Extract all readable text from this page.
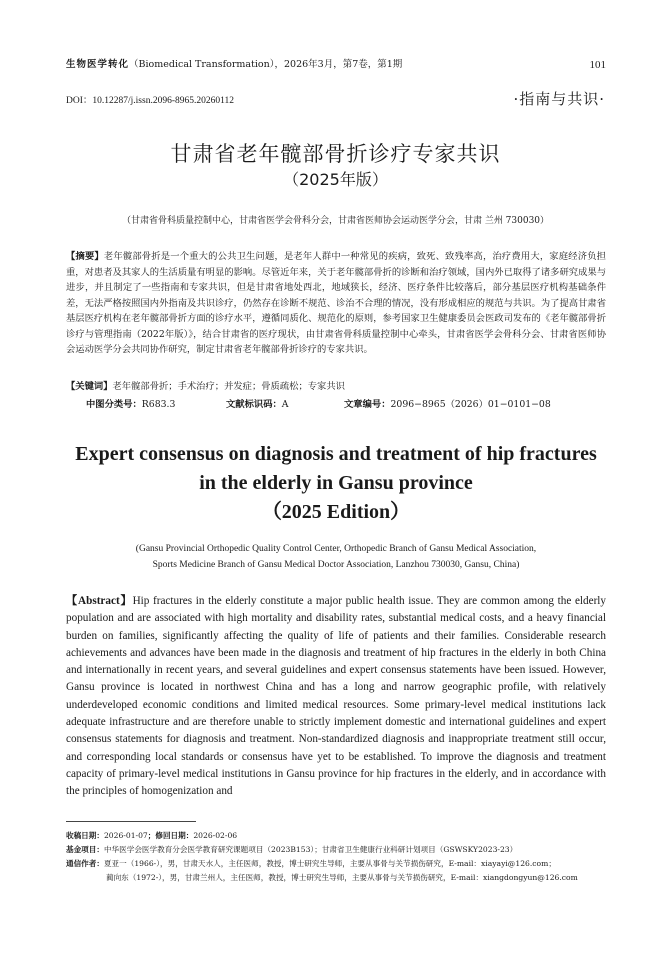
生物医学转化（Biomedical Transformation），2026年3月，第7卷，第1期	101
DOI：10.12287/j.issn.2096-8965.20260112	·指南与共识·
甘肃省老年髋部骨折诊疗专家共识
（2025年版）
（甘肃省骨科质量控制中心，甘肃省医学会骨科分会，甘肃省医师协会运动医学分会，甘肃 兰州 730030）
【摘要】老年髋部骨折是一个重大的公共卫生问题，是老年人群中一种常见的疾病，致死、致残率高，治疗费用大，家庭经济负担重，对患者及其家人的生活质量有明显的影响。尽管近年来，关于老年髋部骨折的诊断和治疗领域，国内外已取得了诸多研究成果与进步，并且制定了一些指南和专家共识，但是甘肃省地处西北，地域狭长，经济、医疗条件比较落后，部分基层医疗机构基础条件差，无法严格按照国内外指南及共识诊疗，仍然存在诊断不规范、诊治不合理的情况，没有形成相应的规范与共识。为了提高甘肃省基层医疗机构在老年髋部骨折方面的诊疗水平，遵循同质化、规范化的原则，参考国家卫生健康委员会医政司发布的《老年髋部骨折诊疗与管理指南（2022年版）》，结合甘肃省的医疗现状，由甘肃省骨科质量控制中心牵头，甘肃省医学会骨科分会、甘肃省医师协会运动医学分会共同协作研究，制定甘肃省老年髋部骨折诊疗的专家共识。
【关键词】老年髋部骨折；手术治疗；并发症；骨质疏松；专家共识
中图分类号：R683.3	文献标识码：A	文章编号：2096−8965（2026）01−0101−08
Expert consensus on diagnosis and treatment of hip fractures in the elderly in Gansu province
（2025 Edition）
(Gansu Provincial Orthopedic Quality Control Center, Orthopedic Branch of Gansu Medical Association,
Sports Medicine Branch of Gansu Medical Doctor Association, Lanzhou 730030, Gansu, China)
【Abstract】Hip fractures in the elderly constitute a major public health issue. They are common among the elderly population and are associated with high mortality and disability rates, substantial medical costs, and a heavy financial burden on families, significantly affecting the quality of life of patients and their families. Considerable research achievements and advances have been made in the diagnosis and treatment of hip fractures in the elderly in both China and internationally in recent years, and several guidelines and expert consensus statements have been issued. However, Gansu province is located in northwest China and has a long and narrow geographic profile, with relatively underdeveloped economic conditions and limited medical resources. Some primary-level medical institutions lack adequate infrastructure and are therefore unable to strictly implement domestic and international guidelines and expert consensus statements for diagnosis and treatment. Non-standardized diagnosis and inappropriate treatment still occur, and corresponding local standards or consensus have yet to be established. To improve the diagnosis and treatment capacity of primary-level medical institutions in Gansu province for hip fractures in the elderly, and in accordance with the principles of homogenization and
收稿日期：2026-01-07；修回日期：2026-02-06
基金项目：中华医学会医学教育分会医学教育研究课题项目（2023B153）；甘肃省卫生健康行业科研计划项目（GSWSKY2023-23）
通信作者：夏亚一（1966-），男，甘肃天水人，主任医师，教授，博士研究生导师，主要从事骨与关节损伤研究，E-mail：xiayayi@126.com；
蔺向东（1972-），男，甘肃兰州人，主任医师，教授，博士研究生导师，主要从事骨与关节损伤研究，E-mail：xiangdongyun@126.com
